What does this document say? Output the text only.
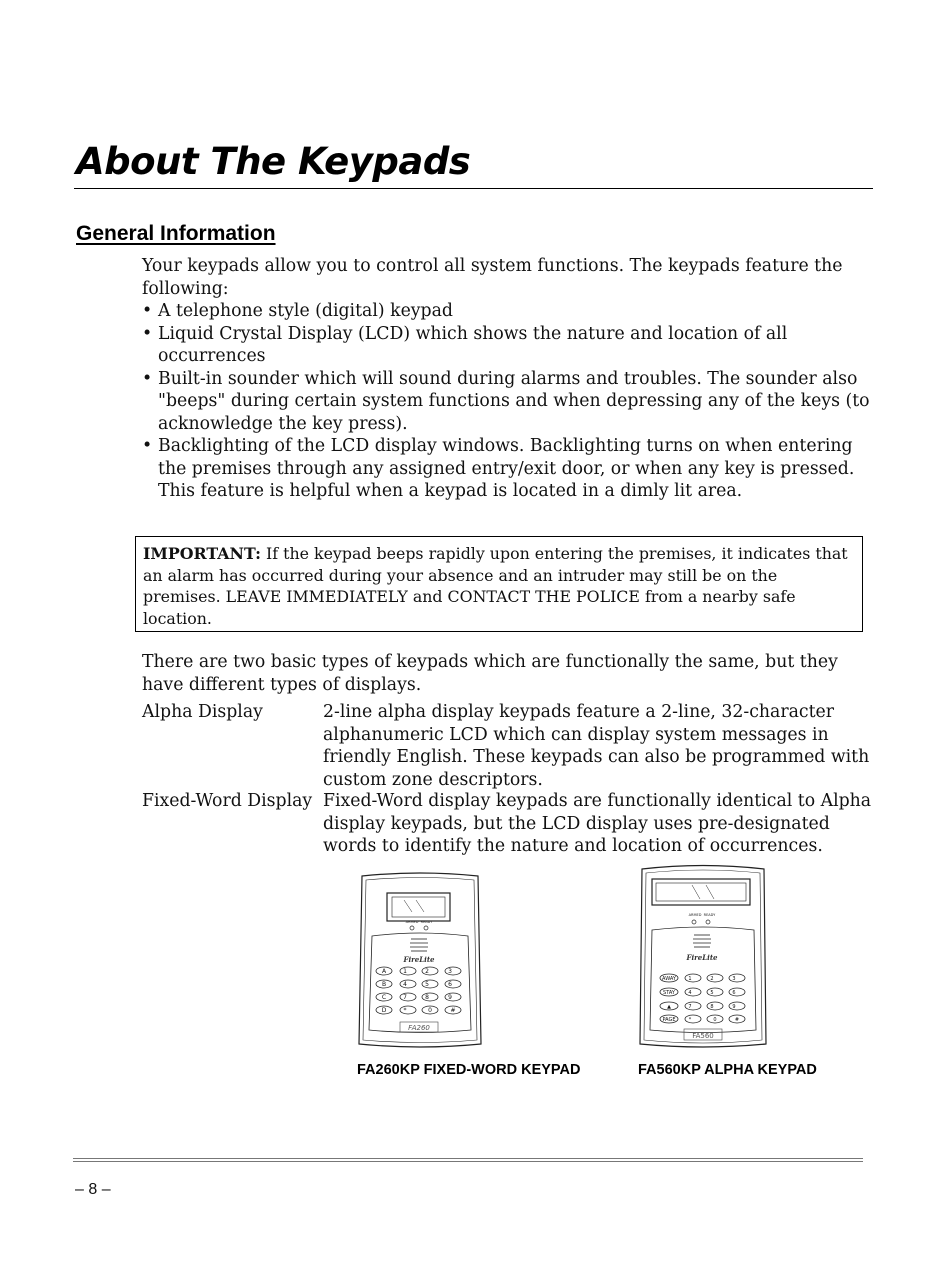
About The Keypads
General Information

Your keypads allow you to control all system functions. The keypads feature the following:

• A telephone style (digital) keypad
• Liquid Crystal Display (LCD) which shows the nature and location of all occurrences
• Built-in sounder which will sound during alarms and troubles. The sounder also "beeps" during certain system functions and when depressing any of the keys (to acknowledge the key press).
• Backlighting of the LCD display windows. Backlighting turns on when entering the premises through any assigned entry/exit door, or when any key is pressed. This feature is helpful when a keypad is located in a dimly lit area.
IMPORTANT: If the keypad beeps rapidly upon entering the premises, it indicates that an alarm has occurred during your absence and an intruder may still be on the premises. LEAVE IMMEDIATELY and CONTACT THE POLICE from a nearby safe location.

There are two basic types of keypads which are functionally the same, but they have different types of displays.

Alpha Display	2-line alpha display keypads feature a 2-line, 32-character alphanumeric LCD which can display system messages in friendly English. These keypads can also be programmed with custom zone descriptors.
Fixed-Word Display Fixed-Word display keypads are functionally identical to Alpha display keypads, but the LCD display uses pre-designated words to identify the nature and location of occurrences.
ARMED  READY
FireLite
A	1	2	3
B	4	5	6
C	7	8	9
D	*	0	#
FA260
ARMED  READY
FireLite
AWAY 1	2	3
STAY	4	5	6
▲	7	8	9
PAGE	*	0	#
FA560
FA260KP FIXED-WORD KEYPAD	FA560KP ALPHA KEYPAD
– 8 –
